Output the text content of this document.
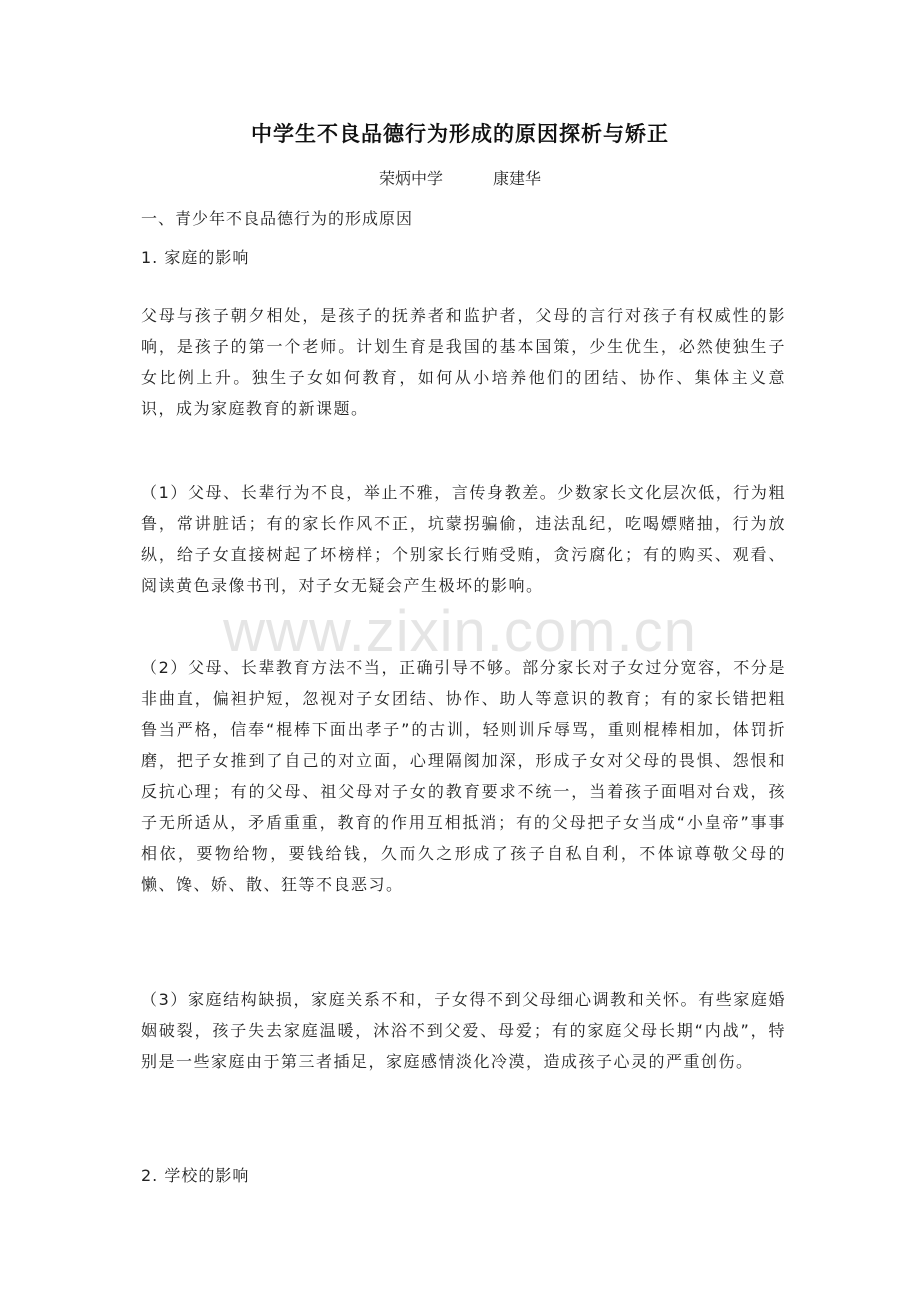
中学生不良品德行为形成的原因探析与矫正
荣炳中学	康建华
一、青少年不良品德行为的形成原因
1. 家庭的影响
父母与孩子朝夕相处，是孩子的抚养者和监护者，父母的言行对孩子有权威性的影响，是孩子的第一个老师。计划生育是我国的基本国策，少生优生，必然使独生子女比例上升。独生子女如何教育，如何从小培养他们的团结、协作、集体主义意识，成为家庭教育的新课题。
（1）父母、长辈行为不良，举止不雅，言传身教差。少数家长文化层次低，行为粗鲁，常讲脏话；有的家长作风不正，坑蒙拐骗偷，违法乱纪，吃喝嫖赌抽，行为放纵，给子女直接树起了坏榜样；个别家长行贿受贿，贪污腐化；有的购买、观看、阅读黄色录像书刊，对子女无疑会产生极坏的影响。
（2）父母、长辈教育方法不当，正确引导不够。部分家长对子女过分宽容，不分是非曲直，偏袒护短，忽视对子女团结、协作、助人等意识的教育；有的家长错把粗鲁当严格，信奉“棍棒下面出孝子”的古训，轻则训斥辱骂，重则棍棒相加，体罚折磨，把子女推到了自己的对立面，心理隔阂加深，形成子女对父母的畏惧、怨恨和反抗心理；有的父母、祖父母对子女的教育要求不统一，当着孩子面唱对台戏，孩子无所适从，矛盾重重，教育的作用互相抵消；有的父母把子女当成“小皇帝”事事相依，要物给物，要钱给钱，久而久之形成了孩子自私自利，不体谅尊敬父母的懒、馋、娇、散、狂等不良恶习。
（3）家庭结构缺损，家庭关系不和，子女得不到父母细心调教和关怀。有些家庭婚姻破裂，孩子失去家庭温暖，沐浴不到父爱、母爱；有的家庭父母长期“内战”，特别是一些家庭由于第三者插足，家庭感情淡化冷漠，造成孩子心灵的严重创伤。
2. 学校的影响
www.zixin.com.cn
